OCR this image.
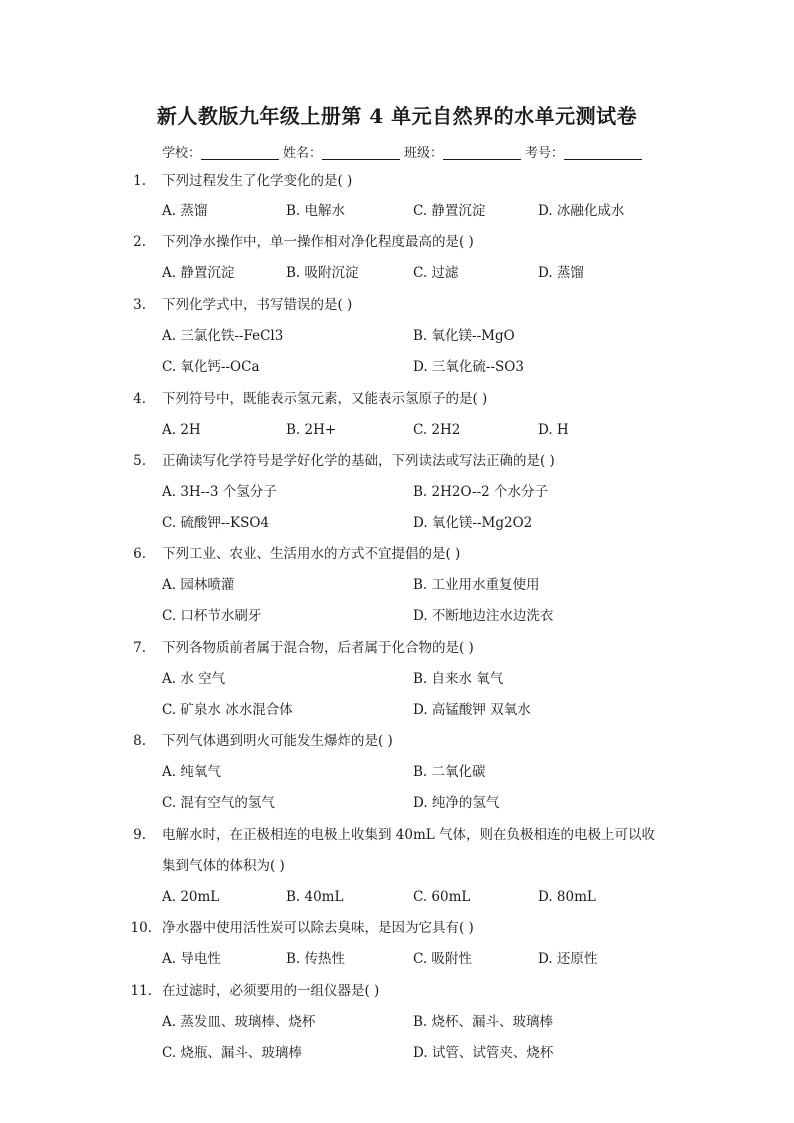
新人教版九年级上册第 4 单元自然界的水单元测试卷
学校：	姓名：	班级：	考号：
1. 下列过程发生了化学变化的是( )
A. 蒸馏	B. 电解水	C. 静置沉淀	D. 冰融化成水
2. 下列净水操作中，单一操作相对净化程度最高的是( )
A. 静置沉淀	B. 吸附沉淀	C. 过滤	D. 蒸馏
3. 下列化学式中，书写错误的是( )
A. 三氯化铁--FeCl3	B. 氧化镁--MgO
C. 氧化钙--OCa	D. 三氧化硫--SO3
4. 下列符号中，既能表示氢元素，又能表示氢原子的是( )
A. 2H	B. 2H+	C. 2H2	D. H
5. 正确读写化学符号是学好化学的基础，下列读法或写法正确的是( )
A. 3H--3 个氢分子	B. 2H2O--2 个水分子
C. 硫酸钾--KSO4	D. 氧化镁--Mg2O2
6. 下列工业、农业、生活用水的方式不宜提倡的是( )
A. 园林喷灌	B. 工业用水重复使用
C. 口杯节水刷牙	D. 不断地边注水边洗衣
7. 下列各物质前者属于混合物，后者属于化合物的是( )
A. 水 空气	B. 自来水 氧气
C. 矿泉水 冰水混合体	D. 高锰酸钾 双氧水
8. 下列气体遇到明火可能发生爆炸的是( )
A. 纯氧气	B. 二氧化碳
C. 混有空气的氢气	D. 纯净的氢气
9. 电解水时，在正极相连的电极上收集到 40mL 气体，则在负极相连的电极上可以收
集到气体的体积为( )
A. 20mL	B. 40mL	C. 60mL	D. 80mL
10. 净水器中使用活性炭可以除去臭味，是因为它具有( )
A. 导电性	B. 传热性	C. 吸附性	D. 还原性
11. 在过滤时，必须要用的一组仪器是( )
A. 蒸发皿、玻璃棒、烧杯	B. 烧杯、漏斗、玻璃棒
C. 烧瓶、漏斗、玻璃棒	D. 试管、试管夹、烧杯
